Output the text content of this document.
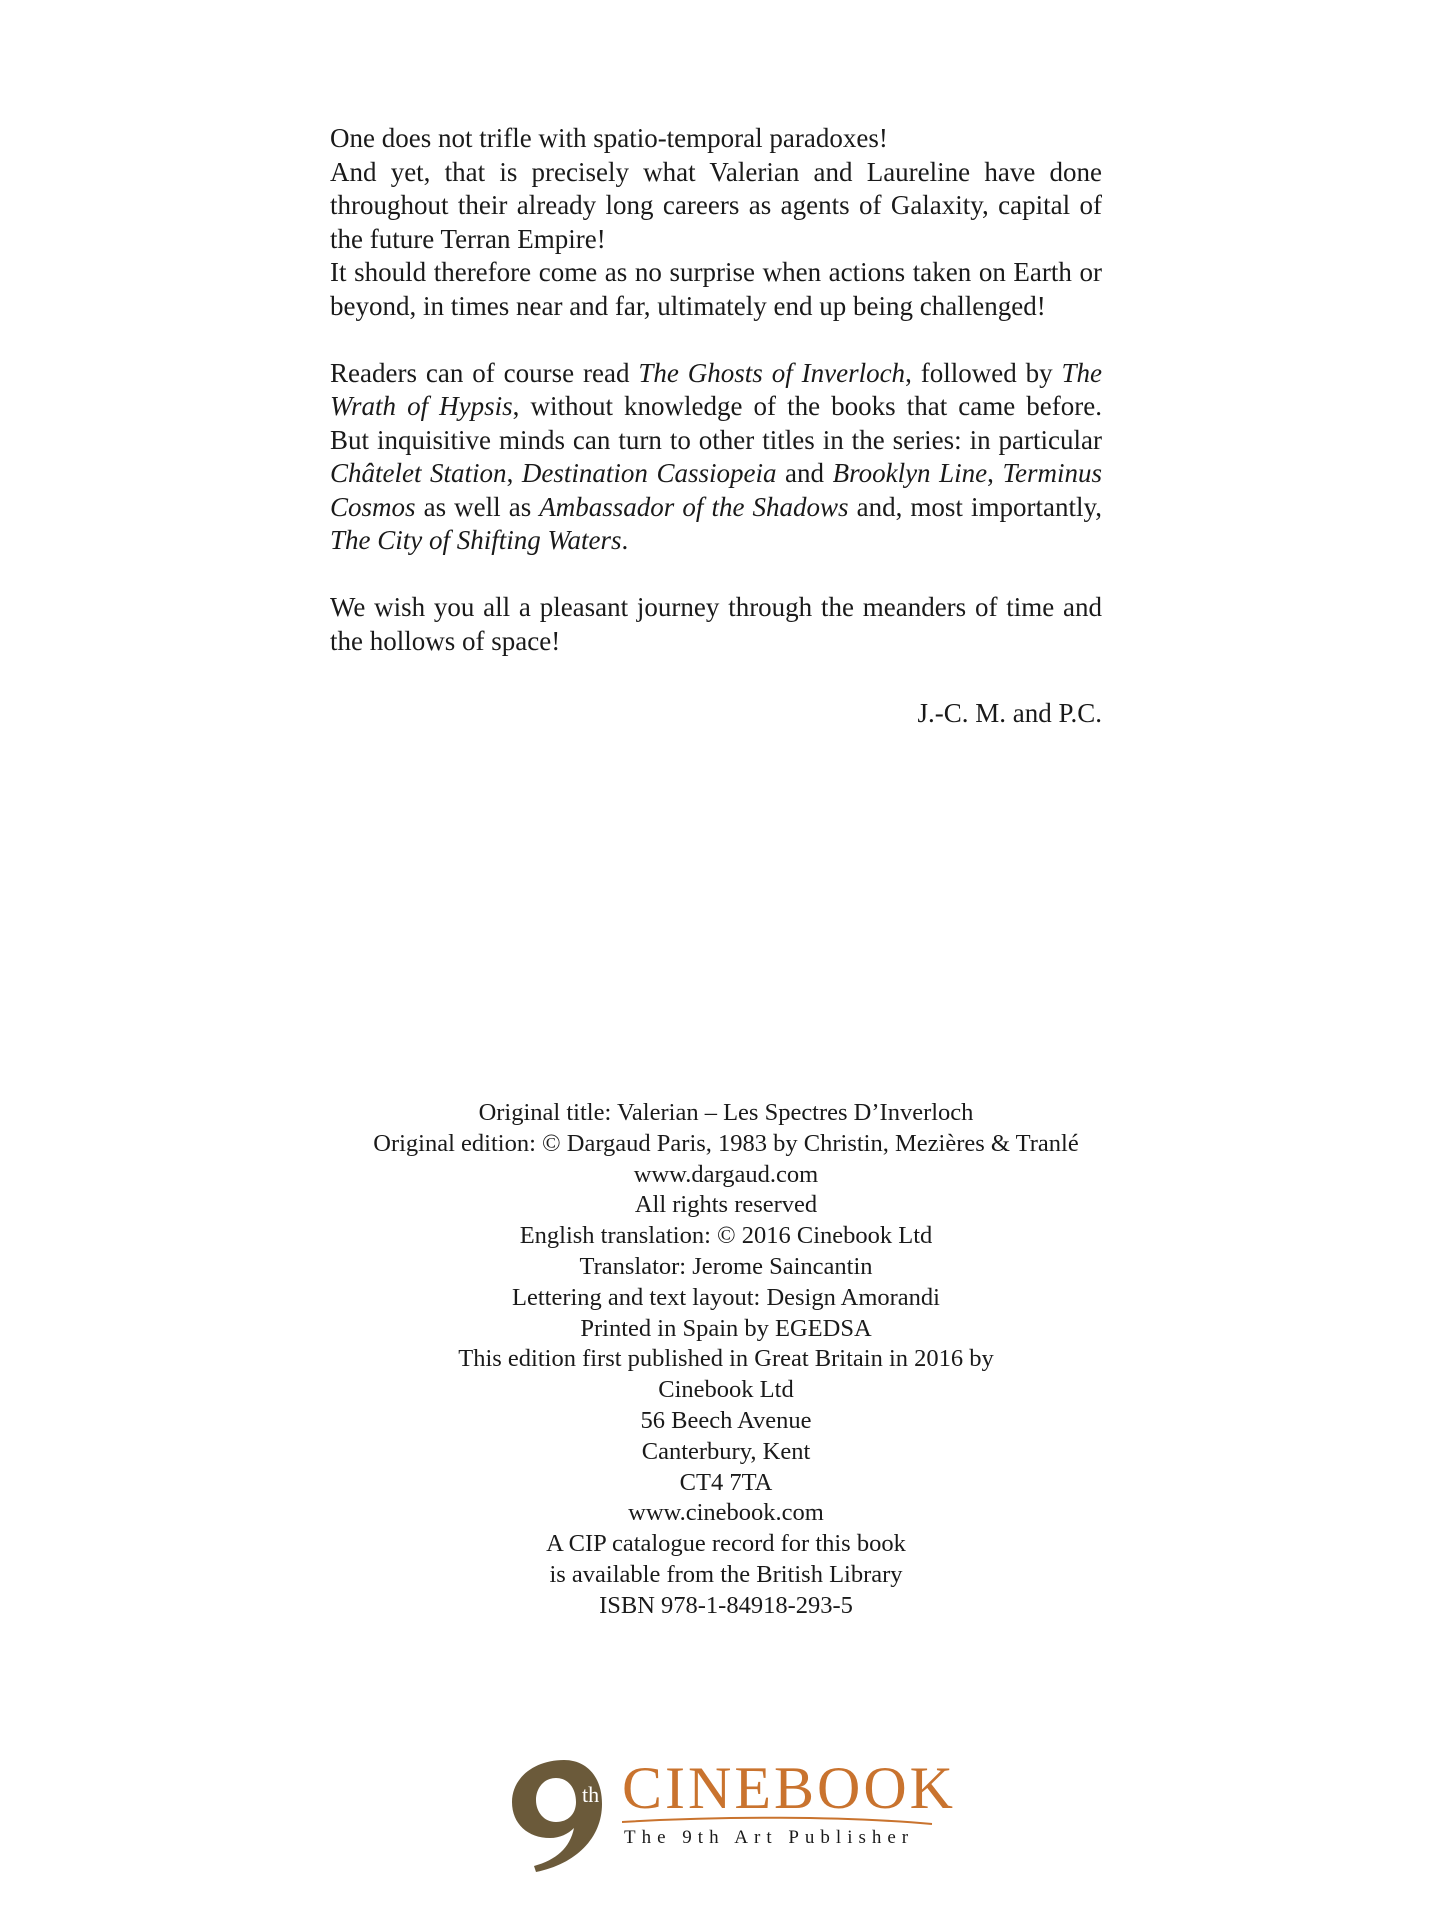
One does not trifle with spatio-temporal paradoxes!
And yet, that is precisely what Valerian and Laureline have done throughout their already long careers as agents of Galaxity, capital of the future Terran Empire!
It should therefore come as no surprise when actions taken on Earth or beyond, in times near and far, ultimately end up being challenged!

Readers can of course read The Ghosts of Inverloch, followed by The Wrath of Hypsis, without knowledge of the books that came before. But inquisitive minds can turn to other titles in the series: in particular Châtelet Station, Destination Cassiopeia and Brooklyn Line, Terminus Cosmos as well as Ambassador of the Shadows and, most importantly, The City of Shifting Waters.

We wish you all a pleasant journey through the meanders of time and the hollows of space!

J.-C. M. and P.C.
Original title: Valerian – Les Spectres D’Inverloch
Original edition: © Dargaud Paris, 1983 by Christin, Mezières & Tranlé
www.dargaud.com
All rights reserved
English translation: © 2016 Cinebook Ltd
Translator: Jerome Saincantin
Lettering and text layout: Design Amorandi
Printed in Spain by EGEDSA
This edition first published in Great Britain in 2016 by
Cinebook Ltd
56 Beech Avenue
Canterbury, Kent
CT4 7TA
www.cinebook.com
A CIP catalogue record for this book
is available from the British Library
ISBN 978-1-84918-293-5
th CINEBOOK
The 9th Art Publisher
